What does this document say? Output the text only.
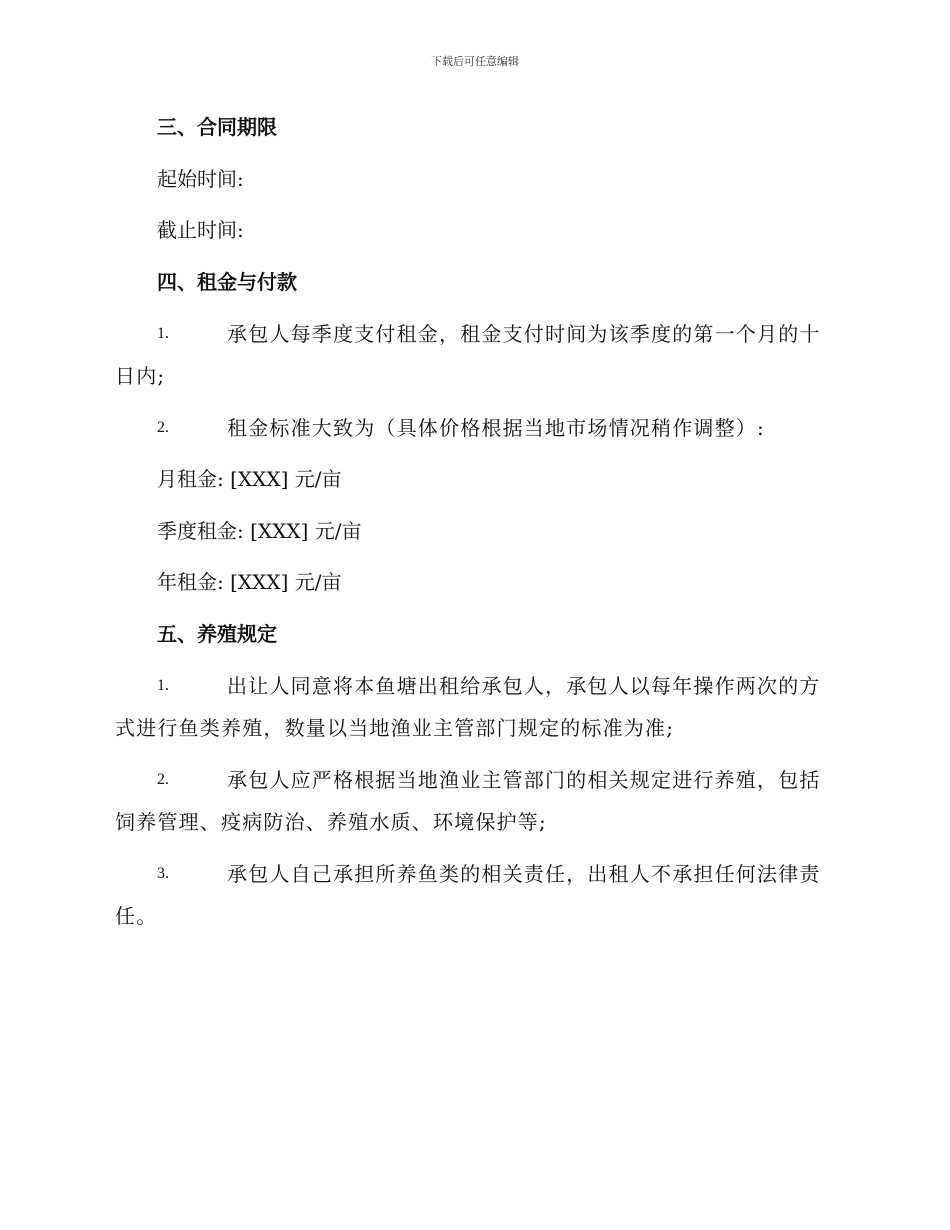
下载后可任意编辑
三、合同期限
起始时间:
截止时间:
四、租金与付款
1.	承包人每季度支付租金，租金支付时间为该季度的第一个月的十
日内;
2.	租金标准大致为（具体价格根据当地市场情况稍作调整）:
月租金: [XXX] 元/亩
季度租金: [XXX] 元/亩
年租金: [XXX] 元/亩
五、养殖规定
1.	出让人同意将本鱼塘出租给承包人，承包人以每年操作两次的方
式进行鱼类养殖，数量以当地渔业主管部门规定的标准为准;
2.	承包人应严格根据当地渔业主管部门的相关规定进行养殖，包括
饲养管理、疫病防治、养殖水质、环境保护等;
3.	承包人自己承担所养鱼类的相关责任，出租人不承担任何法律责
任。
